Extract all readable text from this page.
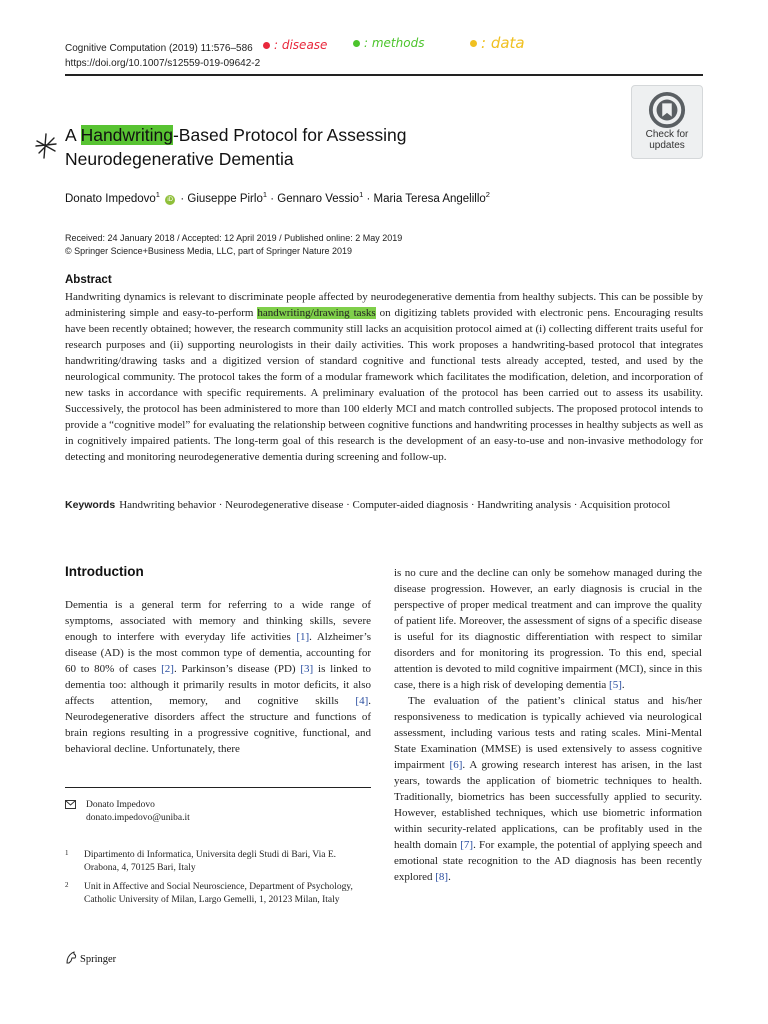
Cognitive Computation (2019) 11:576–586
https://doi.org/10.1007/s12559-019-09642-2
: disease	: methods	: data
Check for
updates
A Handwriting-Based Protocol for Assessing
Neurodegenerative Dementia
Donato Impedovo$^1$ iD · Giuseppe Pirlo$^1$ · Gennaro Vessio$^1$ · Maria Teresa Angelillo$^2$
Received: 24 January 2018 / Accepted: 12 April 2019 / Published online: 2 May 2019
© Springer Science+Business Media, LLC, part of Springer Nature 2019
Abstract
Handwriting dynamics is relevant to discriminate people affected by neurodegenerative dementia from healthy subjects. This can be possible by administering simple and easy-to-perform handwriting/drawing tasks on digitizing tablets provided with electronic pens. Encouraging results have been recently obtained; however, the research community still lacks an acquisition protocol aimed at (i) collecting different traits useful for research purposes and (ii) supporting neurologists in their daily activities. This work proposes a handwriting-based protocol that integrates handwriting/drawing tasks and a digitized version of standard cognitive and functional tests already accepted, tested, and used by the neurological community. The protocol takes the form of a modular framework which facilitates the modification, deletion, and incorporation of new tasks in accordance with specific requirements. A preliminary evaluation of the protocol has been carried out to assess its usability. Successively, the protocol has been administered to more than 100 elderly MCI and match controlled subjects. The proposed protocol intends to provide a “cognitive model” for evaluating the relationship between cognitive functions and handwriting processes in healthy subjects as well as in cognitively impaired patients. The long-term goal of this research is the development of an easy-to-use and non-invasive methodology for detecting and monitoring neurodegenerative dementia during screening and follow-up.
Keywords Handwriting behavior · Neurodegenerative disease · Computer-aided diagnosis · Handwriting analysis · Acquisition protocol
Introduction

Dementia is a general term for referring to a wide range of symptoms, associated with memory and thinking skills, severe enough to interfere with everyday life activities [1]. Alzheimer’s disease (AD) is the most common type of dementia, accounting for 60 to 80% of cases [2]. Parkinson’s disease (PD) [3] is linked to dementia too: although it primarily results in motor deficits, it also affects attention, memory, and cognitive skills [4]. Neurodegenerative disorders affect the structure and functions of brain regions resulting in a progressive cognitive, functional, and behavioral decline. Unfortunately, there

is no cure and the decline can only be somehow managed during the disease progression. However, an early diagnosis is crucial in the perspective of proper medical treatment and can improve the quality of patient life. Moreover, the assessment of signs of a specific disease is useful for its diagnostic differentiation with respect to similar disorders and for monitoring its progression. To this end, special attention is devoted to mild cognitive impairment (MCI), since in this case, there is a high risk of developing dementia [5].

The evaluation of the patient’s clinical status and his/her responsiveness to medication is typically achieved via neurological assessment, including various tests and rating scales. Mini-Mental State Examination (MMSE) is used extensively to assess cognitive impairment [6]. A growing research interest has arisen, in the last years, towards the application of biometric techniques to health. Traditionally, biometrics has been successfully applied to security. However, established techniques, which use biometric information within security-related applications, can be profitably used in the health domain [7]. For example, the potential of applying speech and emotional state recognition to the AD diagnosis has been recently explored [8].

Donato Impedovo
donato.impedovo@uniba.it
1 Dipartimento di Informatica, Universita degli Studi di Bari, Via E. Orabona, 4, 70125 Bari, Italy
2 Unit in Affective and Social Neuroscience, Department of Psychology, Catholic University of Milan, Largo Gemelli, 1, 20123 Milan, Italy
Springer
